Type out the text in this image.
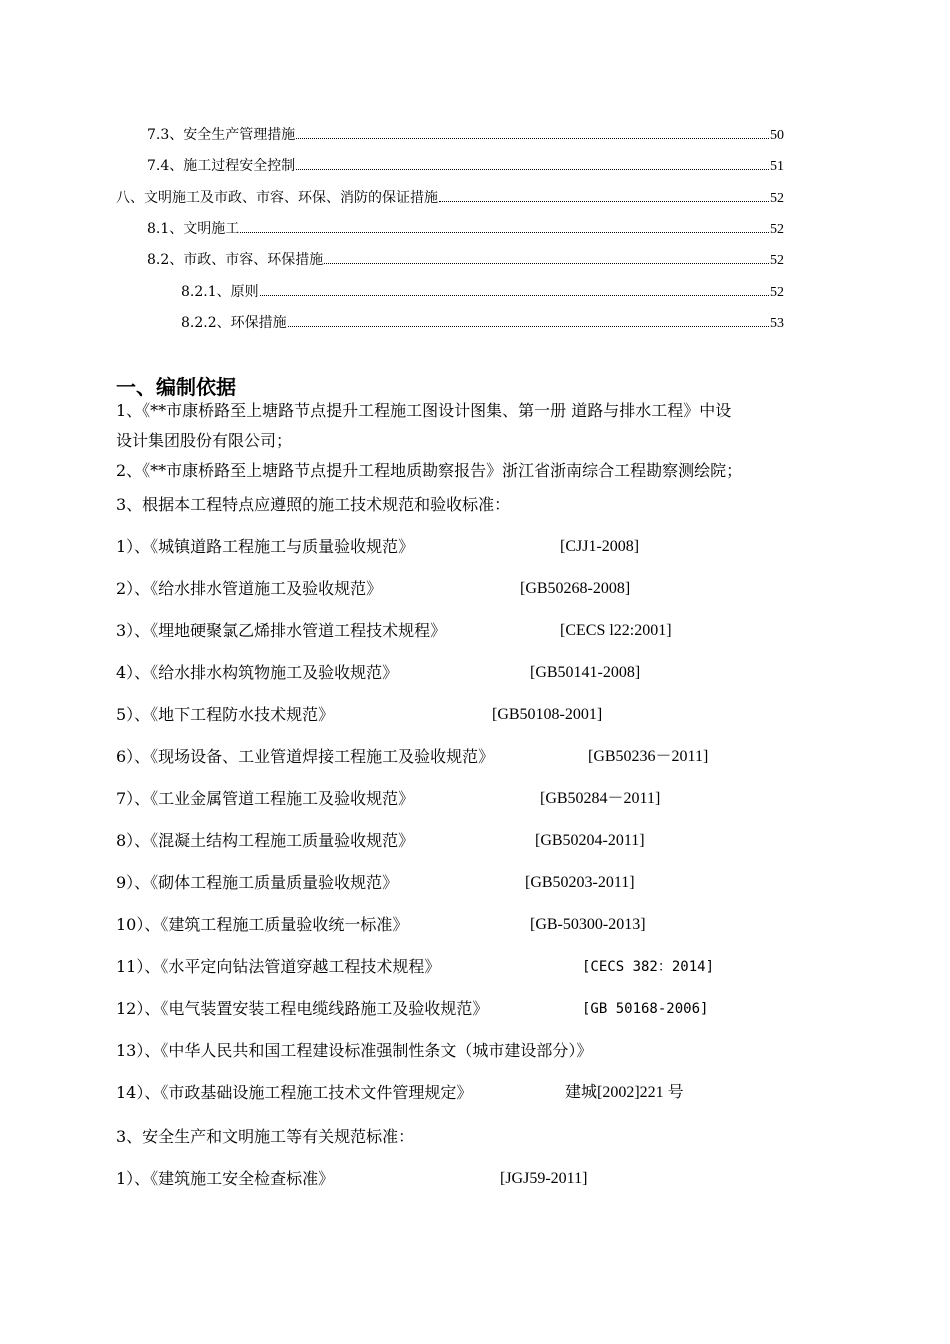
7.3、安全生产管理措施	50
7.4、施工过程安全控制	51
八、文明施工及市政、市容、环保、消防的保证措施	52
8.1、文明施工	52
8.2、市政、市容、环保措施	52
8.2.1、原则	52
8.2.2、环保措施	53
一、编制依据
1、《**市康桥路至上塘路节点提升工程施工图设计图集、第一册 道路与排水工程》中设
设计集团股份有限公司；
2、《**市康桥路至上塘路节点提升工程地质勘察报告》浙江省浙南综合工程勘察测绘院；
3、根据本工程特点应遵照的施工技术规范和验收标准：
1）、《城镇道路工程施工与质量验收规范》	[CJJ1-2008]
2）、《给水排水管道施工及验收规范》	[GB50268-2008]
3）、《埋地硬聚氯乙烯排水管道工程技术规程》	[CECS l22:2001]
4）、《给水排水构筑物施工及验收规范》	[GB50141-2008]
5）、《地下工程防水技术规范》	[GB50108-2001]
6）、《现场设备、工业管道焊接工程施工及验收规范》	[GB50236－2011]
7）、《工业金属管道工程施工及验收规范》	[GB50284－2011]
8）、《混凝土结构工程施工质量验收规范》	[GB50204-2011]
9）、《砌体工程施工质量质量验收规范》	[GB50203-2011]
10）、《建筑工程施工质量验收统一标准》	[GB-50300-2013]
11）、《水平定向钻法管道穿越工程技术规程》	[CECS 382：2014]
12）、《电气装置安装工程电缆线路施工及验收规范》	[GB 50168-2006]
13）、《中华人民共和国工程建设标准强制性条文（城市建设部分）》
14）、《市政基础设施工程施工技术文件管理规定》	建城[2002]221 号
3、安全生产和文明施工等有关规范标准：
1）、《建筑施工安全检查标准》	[JGJ59-2011]
